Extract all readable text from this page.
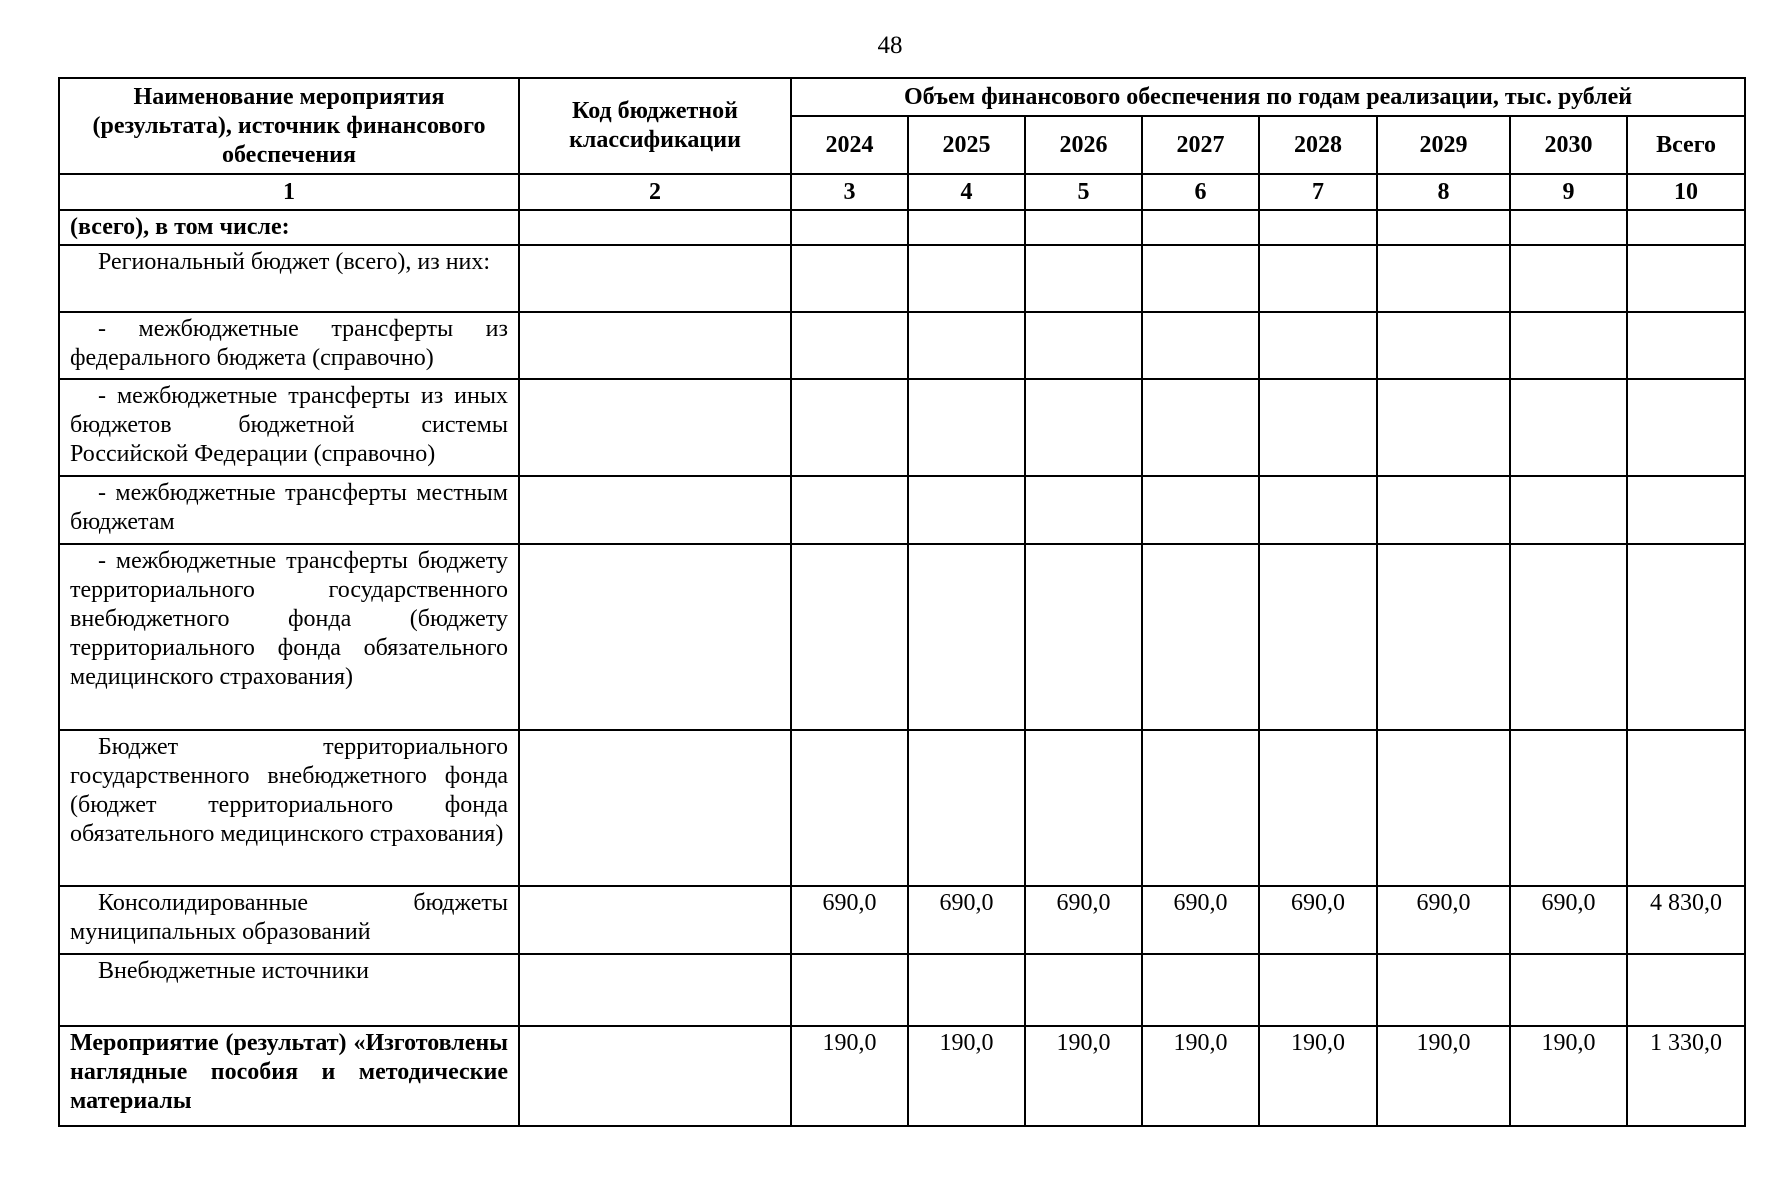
48
Наименование мероприятия (результата), источник финансового обеспечения	Код бюджетной классификации	Объем финансового обеспечения по годам реализации, тыс. рублей							
		2024	2025	2026	2027	2028	2029	2030	Всего
1	2	3	4	5	6	7	8	9	10
(всего), в том числе:									

Региональный бюджет (всего), из них:									

- межбюджетные трансферты из федерального бюджета (справочно)									

- межбюджетные трансферты из иных бюджетов бюджетной системы Российской Федерации (справочно)									

- межбюджетные трансферты местным бюджетам									

- межбюджетные трансферты бюджету территориального государственного внебюджетного фонда (бюджету территориального фонда обязательного медицинского страхования)									

Бюджет территориального государственного внебюджетного фонда (бюджет территориального фонда обязательного медицинского страхования)									

Консолидированные бюджеты муниципальных образований		690,0	690,0	690,0	690,0	690,0	690,0	690,0	4 830,0

Внебюджетные источники									

Мероприятие (результат) «Изготовлены наглядные пособия и методические материалы		190,0	190,0	190,0	190,0	190,0	190,0	190,0	1 330,0
